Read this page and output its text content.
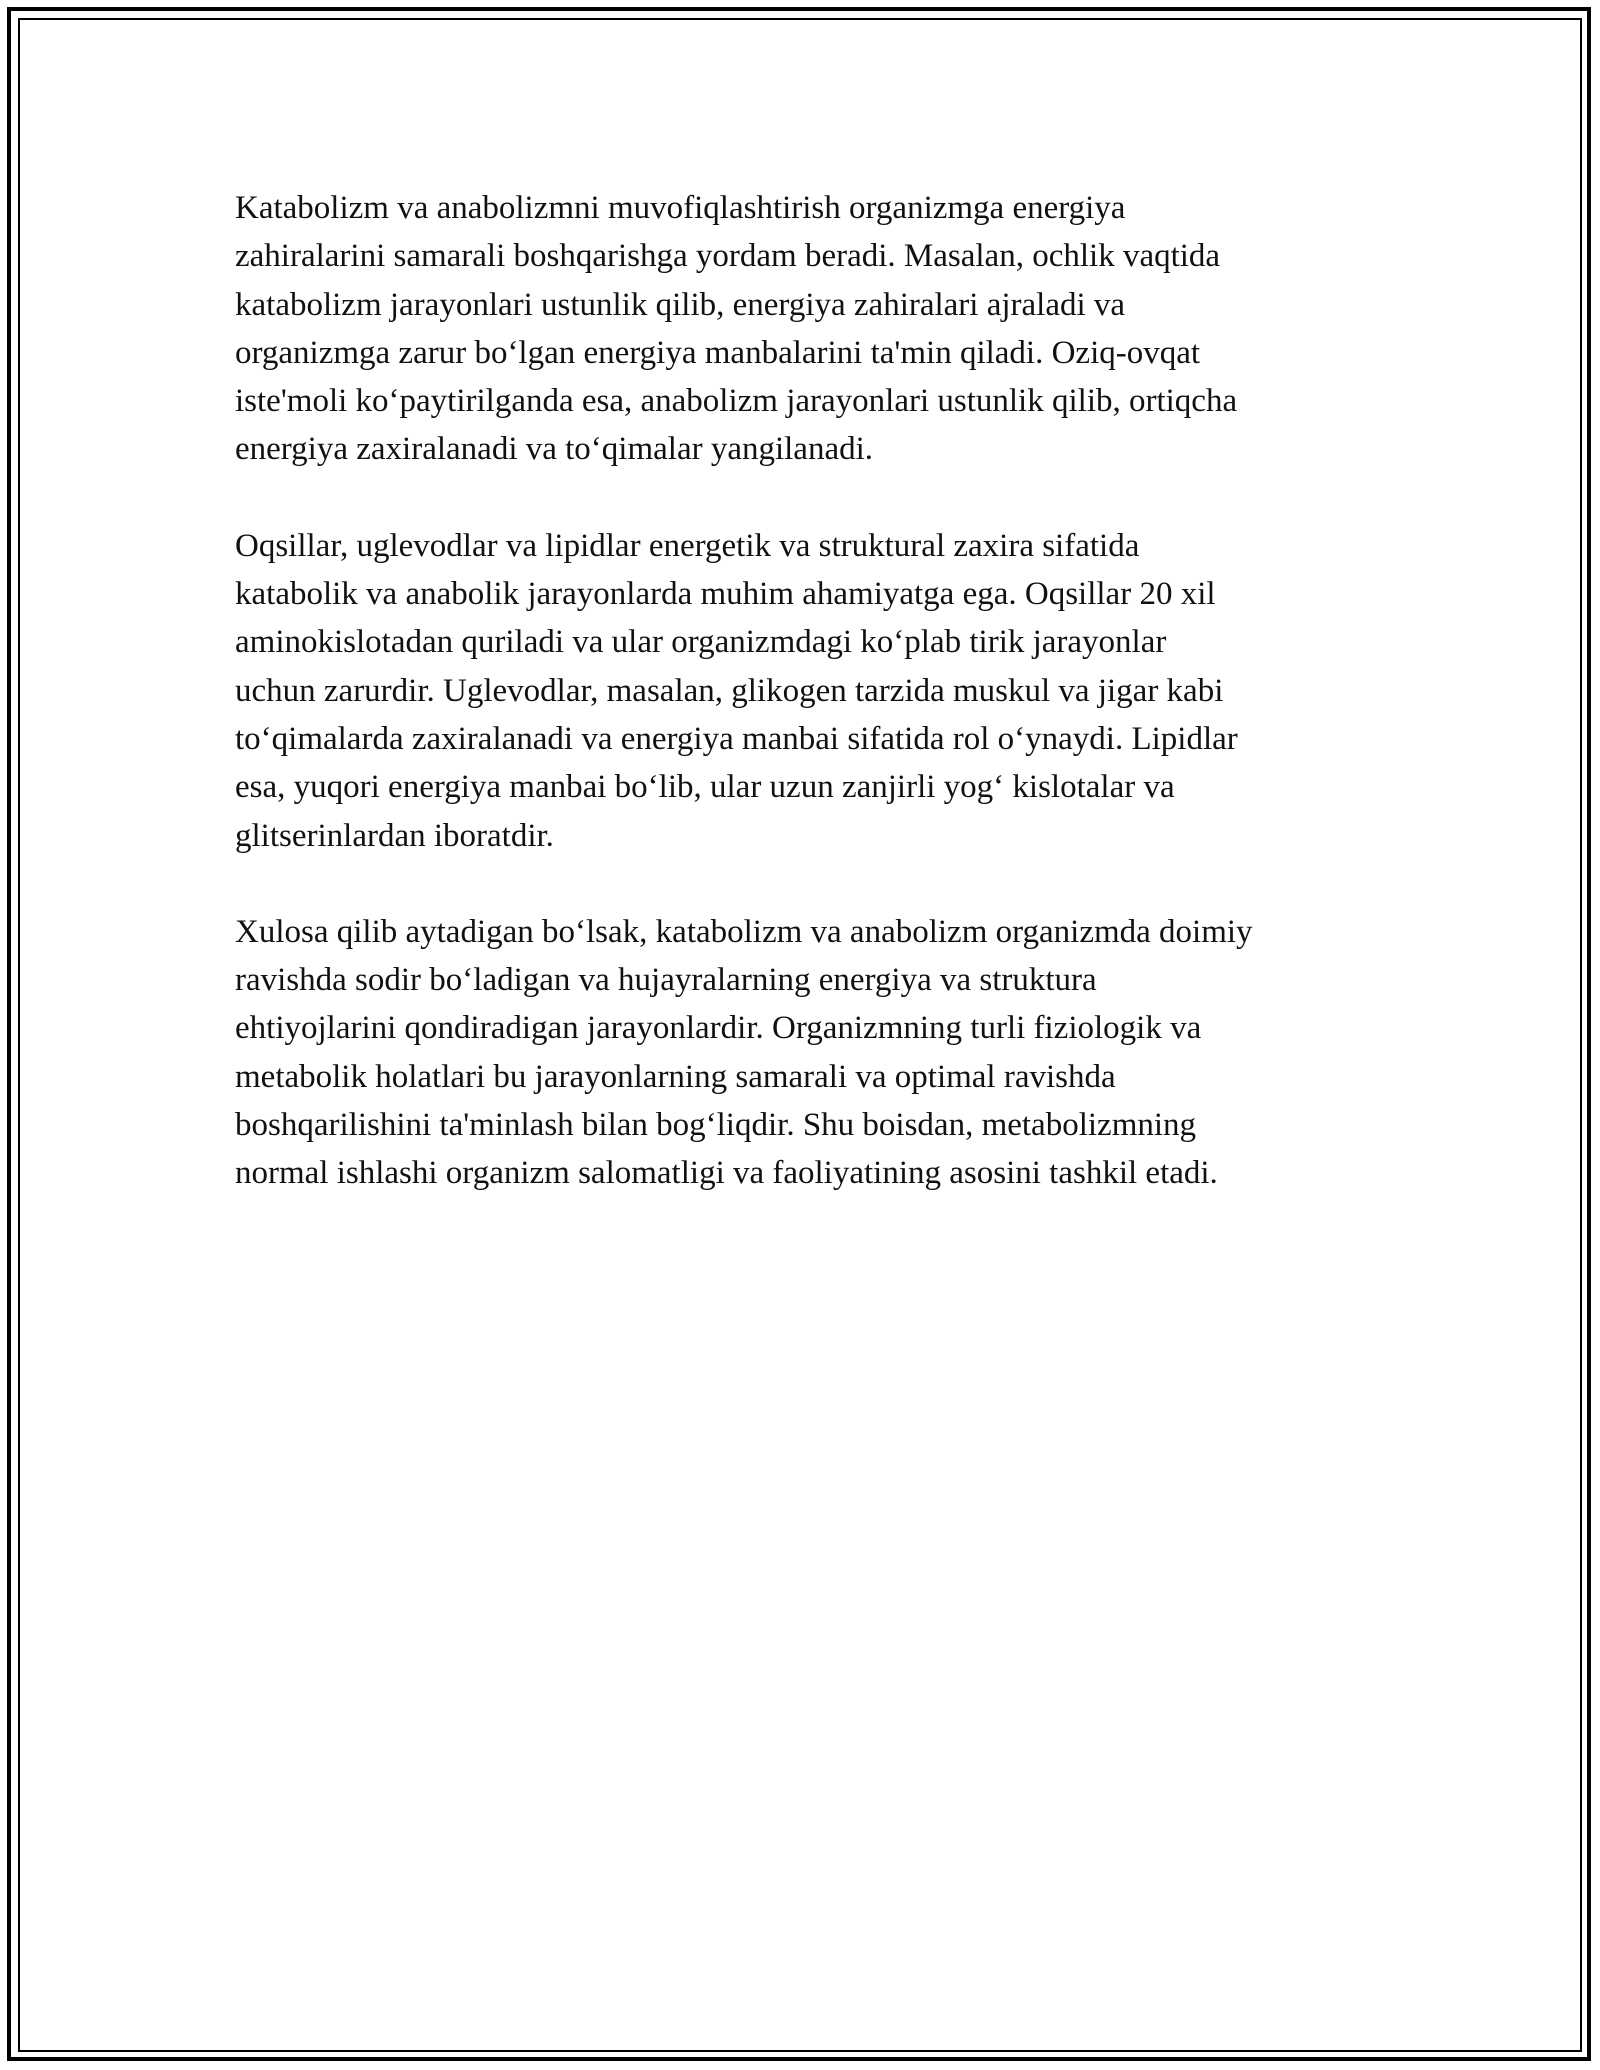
Katabolizm va anabolizmni muvofiqlashtirish organizmga energiya
zahiralarini samarali boshqarishga yordam beradi. Masalan, ochlik vaqtida
katabolizm jarayonlari ustunlik qilib, energiya zahiralari ajraladi va
organizmga zarur bo‘lgan energiya manbalarini ta'min qiladi. Oziq-ovqat
iste'moli ko‘paytirilganda esa, anabolizm jarayonlari ustunlik qilib, ortiqcha
energiya zaxiralanadi va to‘qimalar yangilanadi.

Oqsillar, uglevodlar va lipidlar energetik va struktural zaxira sifatida
katabolik va anabolik jarayonlarda muhim ahamiyatga ega. Oqsillar 20 xil
aminokislotadan quriladi va ular organizmdagi ko‘plab tirik jarayonlar
uchun zarurdir. Uglevodlar, masalan, glikogen tarzida muskul va jigar kabi
to‘qimalarda zaxiralanadi va energiya manbai sifatida rol o‘ynaydi. Lipidlar
esa, yuqori energiya manbai bo‘lib, ular uzun zanjirli yog‘ kislotalar va
glitserinlardan iboratdir.

Xulosa qilib aytadigan bo‘lsak, katabolizm va anabolizm organizmda doimiy
ravishda sodir bo‘ladigan va hujayralarning energiya va struktura
ehtiyojlarini qondiradigan jarayonlardir. Organizmning turli fiziologik va
metabolik holatlari bu jarayonlarning samarali va optimal ravishda
boshqarilishini ta'minlash bilan bog‘liqdir. Shu boisdan, metabolizmning
normal ishlashi organizm salomatligi va faoliyatining asosini tashkil etadi.
